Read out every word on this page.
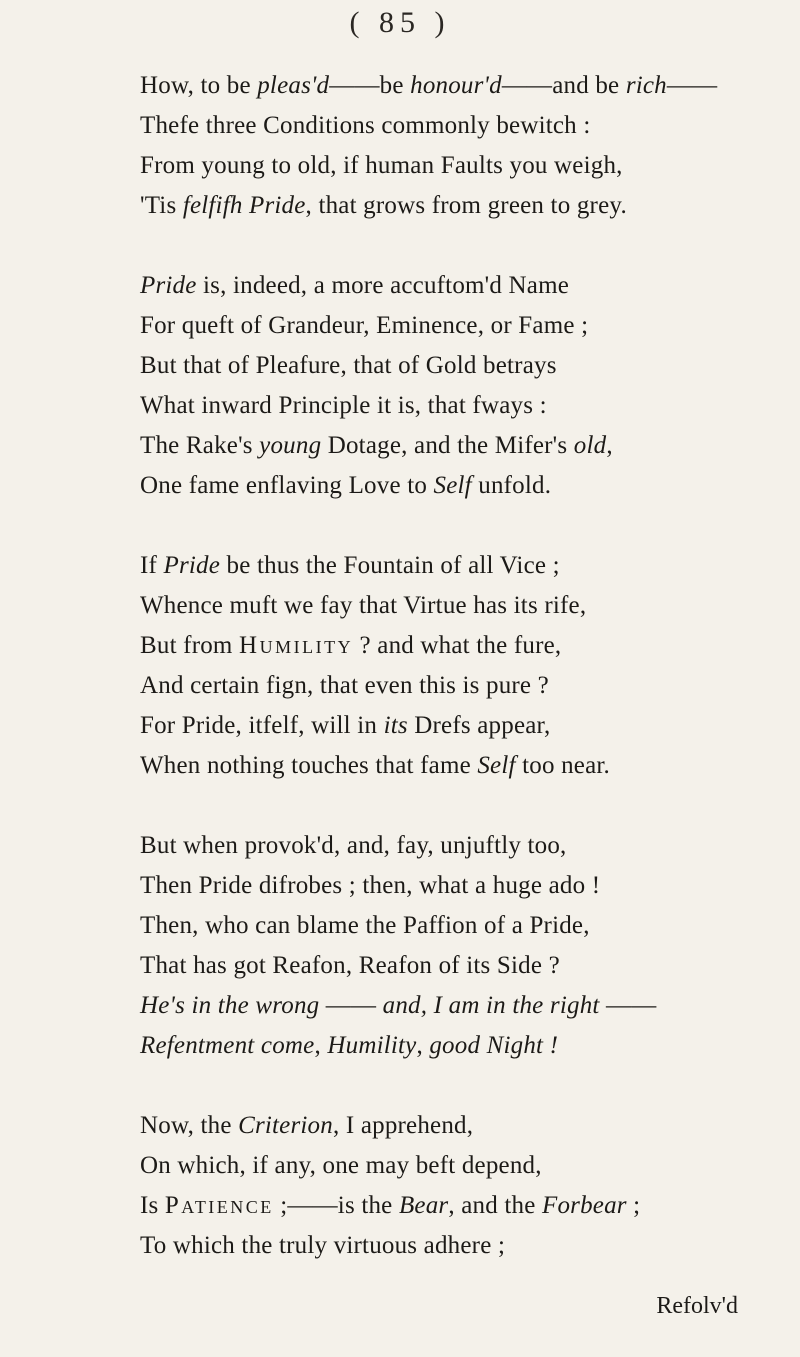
( 85 )
How, to be pleas'd——be honour'd——and be rich——
Thefe three Conditions commonly bewitch :
From young to old, if human Faults you weigh,
'Tis felfifh Pride, that grows from green to grey.
Pride is, indeed, a more accuftom'd Name
For queft of Grandeur, Eminence, or Fame ;
But that of Pleafure, that of Gold betrays
What inward Principle it is, that fways :
The Rake's young Dotage, and the Mifer's old,
One fame enflaving Love to Self unfold.
If Pride be thus the Fountain of all Vice ;
Whence muft we fay that Virtue has its rife,
But from Humility ? and what the fure,
And certain fign, that even this is pure ?
For Pride, itfelf, will in its Drefs appear,
When nothing touches that fame Self too near.
But when provok'd, and, fay, unjuftly too,
Then Pride difrobes ; then, what a huge ado !
Then, who can blame the Paffion of a Pride,
That has got Reafon, Reafon of its Side ?
He's in the wrong —— and, I am in the right ——
Refentment come, Humility, good Night !
Now, the Criterion, I apprehend,
On which, if any, one may beft depend,
Is Patience ;——is the Bear, and the Forbear ;
To which the truly virtuous adhere ;
Refolv'd
